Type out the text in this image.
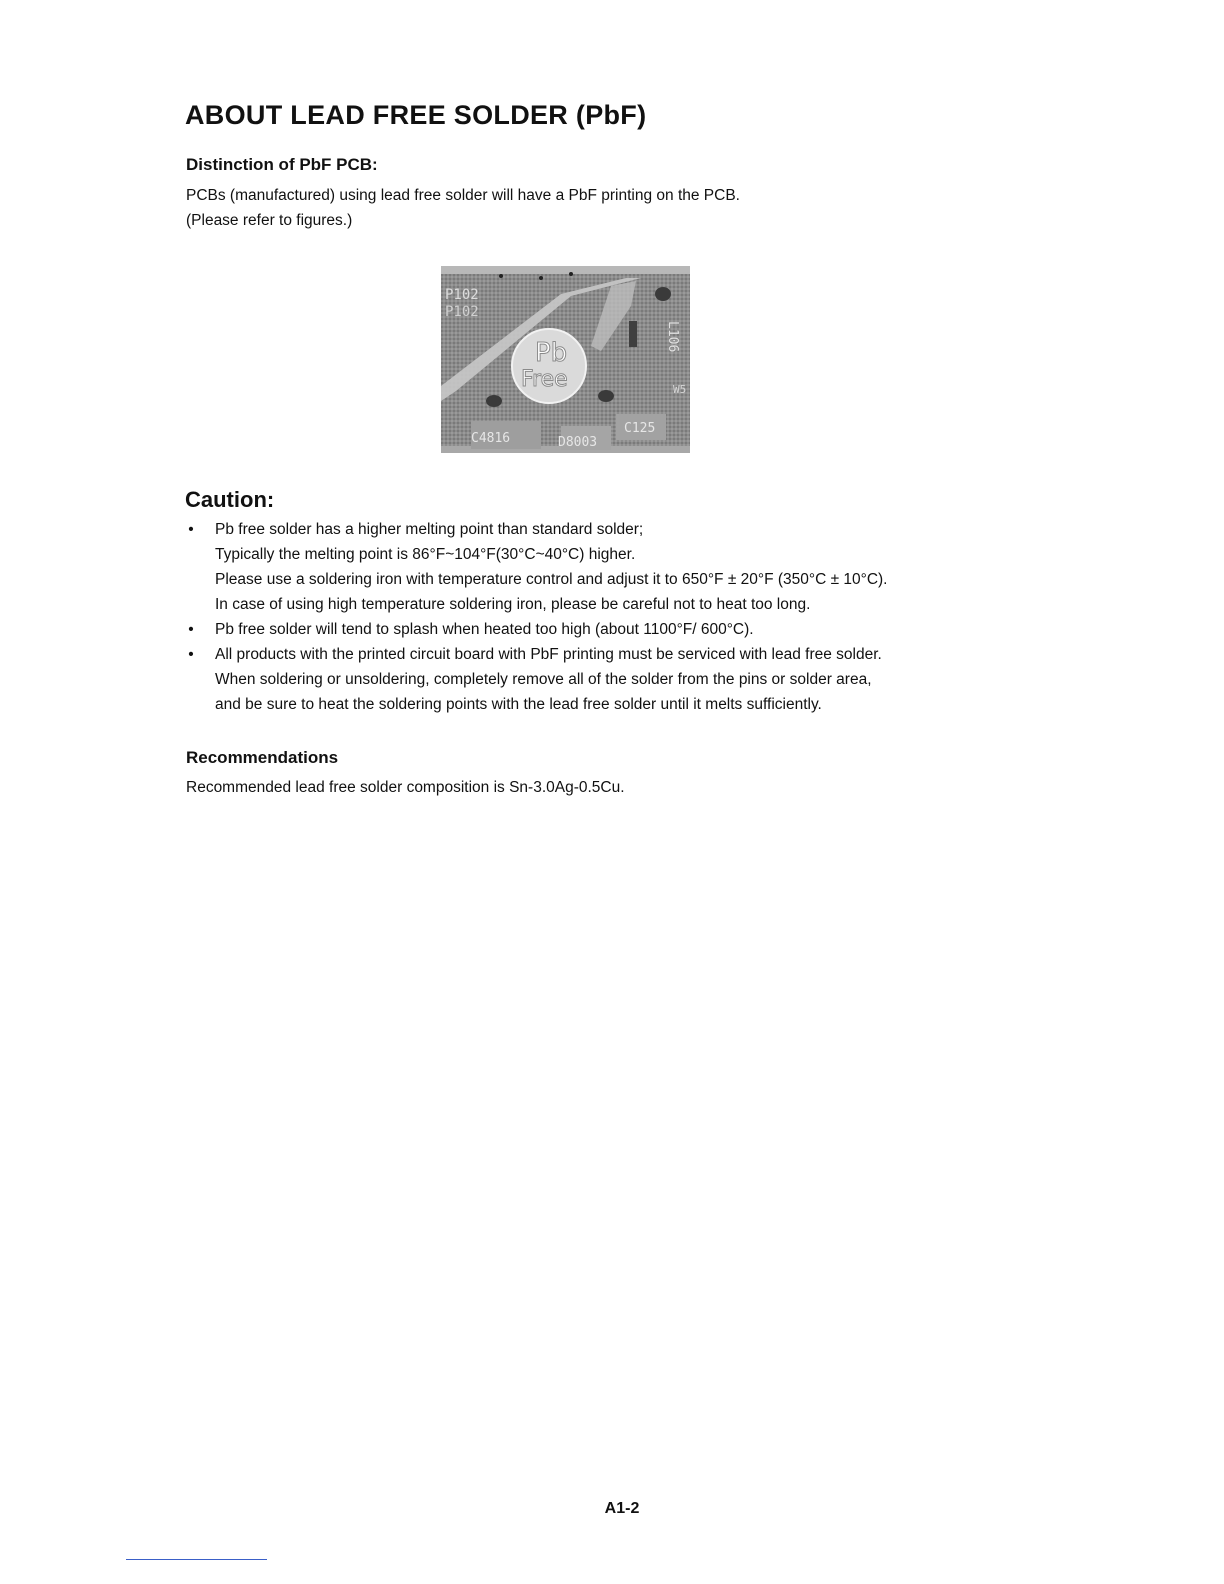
ABOUT LEAD FREE SOLDER (PbF)
Distinction of PbF PCB:

PCBs (manufactured) using lead free solder will have a PbF printing on the PCB.

(Please refer to figures.)

P102
P102
Pb
Free
L106
C4816	D8003
C125
W5
Caution:
• Pb free solder has a higher melting point than standard solder;
Typically the melting point is 86°F~104°F(30°C~40°C) higher.
Please use a soldering iron with temperature control and adjust it to 650°F ± 20°F (350°C ± 10°C).
In case of using high temperature soldering iron, please be careful not to heat too long.
• Pb free solder will tend to splash when heated too high (about 1100°F/ 600°C).
• All products with the printed circuit board with PbF printing must be serviced with lead free solder.
When soldering or unsoldering, completely remove all of the solder from the pins or solder area,
and be sure to heat the soldering points with the lead free solder until it melts sufficiently.
Recommendations

Recommended lead free solder composition is Sn-3.0Ag-0.5Cu.

A1-2
